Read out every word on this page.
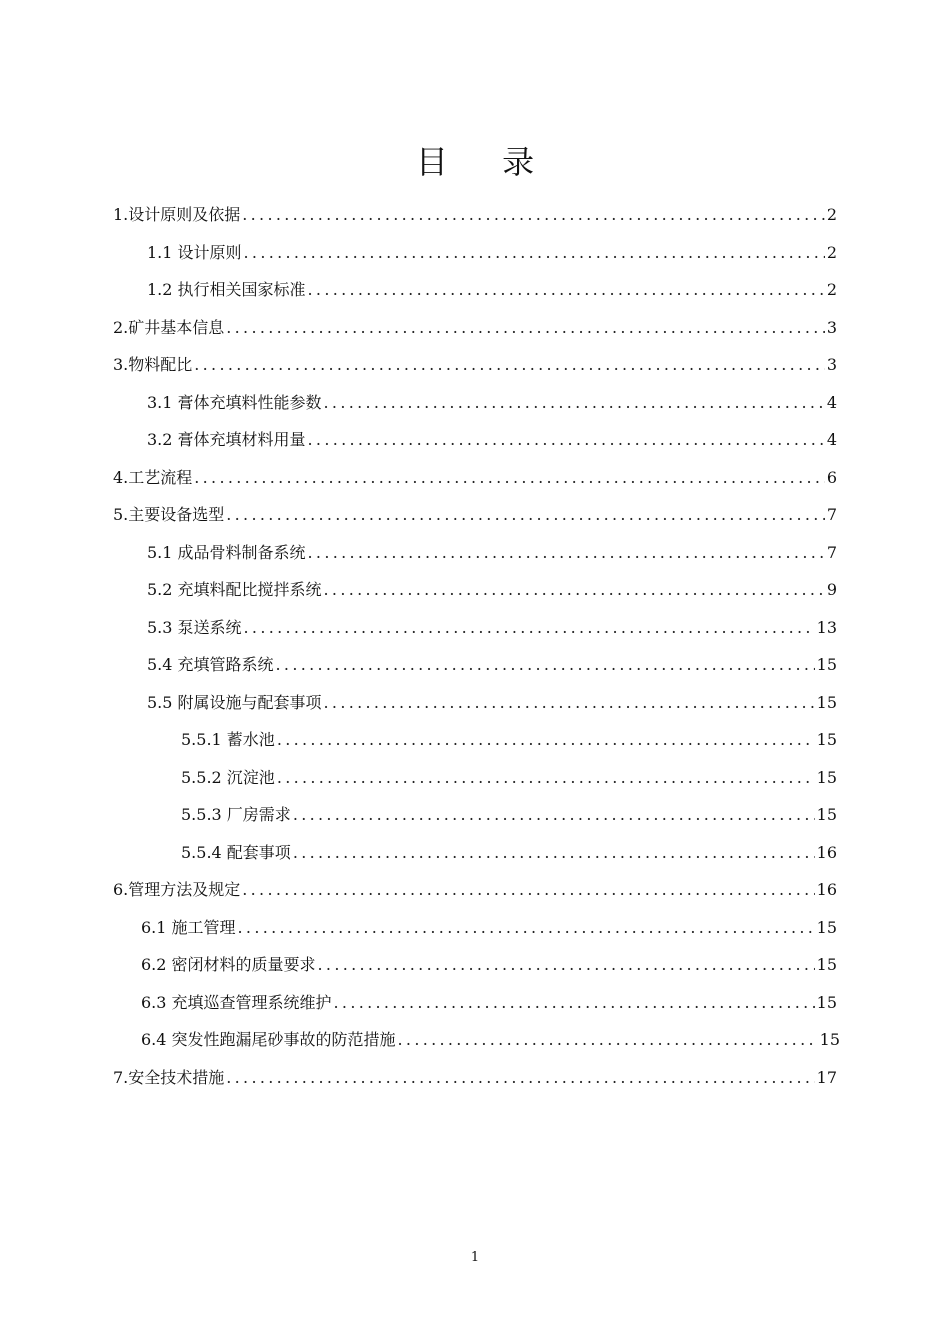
目 录
1.设计原则及依据 .....	2
1.1 设计原则 .....	2
1.2 执行相关国家标准 .....	2
2.矿井基本信息 .....	3
3.物料配比 .....	3
3.1 膏体充填料性能参数 .....	4
3.2 膏体充填材料用量 .....	4
4.工艺流程 .....	6
5.主要设备选型 .....	7
5.1 成品骨料制备系统 .....	7
5.2 充填料配比搅拌系统 .....	9
5.3 泵送系统 .....	13
5.4 充填管路系统 .....	15
5.5 附属设施与配套事项 .....	15
5.5.1 蓄水池 .....	15
5.5.2 沉淀池 .....	15
5.5.3 厂房需求 .....	15
5.5.4 配套事项 .....	16
6.管理方法及规定 .....	16
6.1 施工管理 .....	15
6.2 密闭材料的质量要求 .....	15
6.3 充填巡查管理系统维护 .....	15
6.4 突发性跑漏尾砂事故的防范措施 .....	15
7.安全技术措施 .....	17
1
